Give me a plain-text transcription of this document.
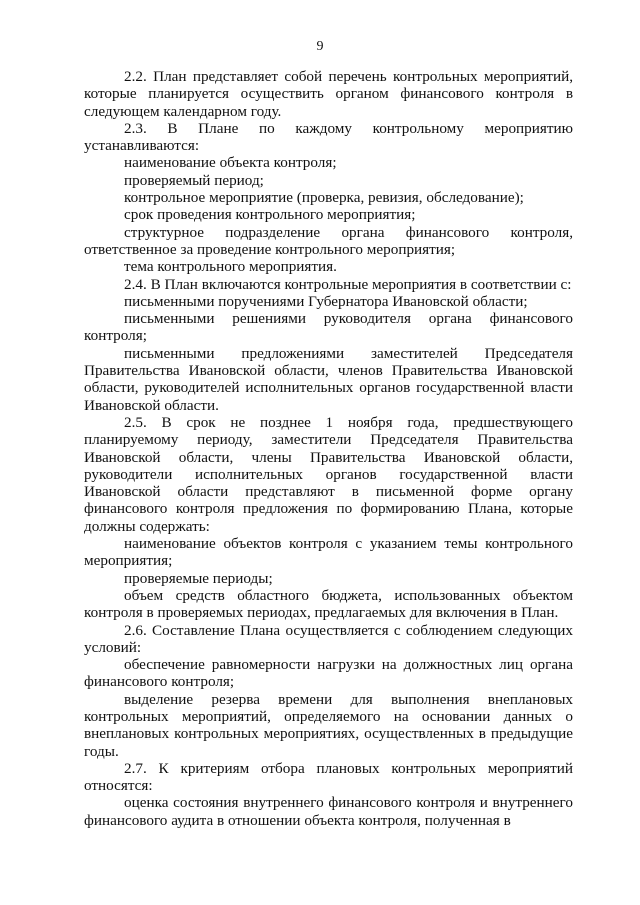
9

2.2. План представляет собой перечень контрольных мероприятий, которые планируется осуществить органом финансового контроля в следующем календарном году.

2.3. В Плане по каждому контрольному мероприятию устанавливаются:

наименование объекта контроля;

проверяемый период;

контрольное мероприятие (проверка, ревизия, обследование);

срок проведения контрольного мероприятия;

структурное подразделение органа финансового контроля, ответственное за проведение контрольного мероприятия;

тема контрольного мероприятия.

2.4. В План включаются контрольные мероприятия в соответствии с:

письменными поручениями Губернатора Ивановской области;

письменными решениями руководителя органа финансового контроля;

письменными предложениями заместителей Председателя Правительства Ивановской области, членов Правительства Ивановской области, руководителей исполнительных органов государственной власти Ивановской области.

2.5. В срок не позднее 1 ноября года, предшествующего планируемому периоду, заместители Председателя Правительства Ивановской области, члены Правительства Ивановской области, руководители исполнительных органов государственной власти Ивановской области представляют в письменной форме органу финансового контроля предложения по формированию Плана, которые должны содержать:

наименование объектов контроля с указанием темы контрольного мероприятия;

проверяемые периоды;

объем средств областного бюджета, использованных объектом контроля в проверяемых периодах, предлагаемых для включения в План.

2.6. Составление Плана осуществляется с соблюдением следующих условий:

обеспечение равномерности нагрузки на должностных лиц органа финансового контроля;

выделение резерва времени для выполнения внеплановых контрольных мероприятий, определяемого на основании данных о внеплановых контрольных мероприятиях, осуществленных в предыдущие годы.

2.7. К критериям отбора плановых контрольных мероприятий относятся:

оценка состояния внутреннего финансового контроля и внутреннего финансового аудита в отношении объекта контроля, полученная в
